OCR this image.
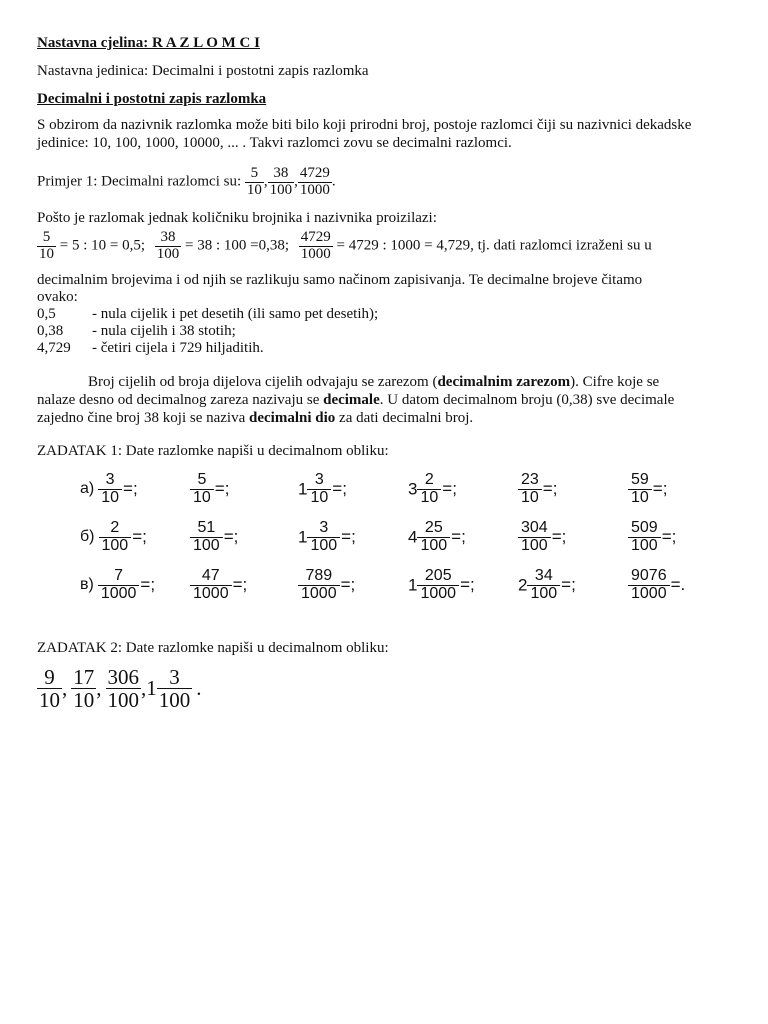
Nastavna cjelina: R A Z L O M C I
Nastavna jedinica: Decimalni i postotni zapis razlomka
Decimalni i postotni zapis razlomka
S obzirom da nazivnik razlomka može biti bilo koji prirodni broj, postoje razlomci čiji su nazivnici dekadske
jedinice: 10, 100, 1000, 10000, ... . Takvi razlomci zovu se decimalni razlomci.
Primjer 1: Decimalni razlomci su: $\frac{5}{10}$ , $\frac{38}{100}$ , $\frac{4729}{1000}$ .
Pošto je razlomak jednak količniku brojnika i nazivnika proizilazi:
$\frac{5}{10} = 5$ : 10 = 0,5; $\frac{38}{100} = 38$ : 100 =0,38; $\frac{4729}{1000} = 4729$ : 1000 = 4,729, tj. dati razlomci izraženi su u
decimalnim brojevima i od njih se razlikuju samo načinom zapisivanja. Te decimalne brojeve čitamo
ovako:
0,5 - nula cijelik i pet desetih (ili samo pet desetih);
0,38 - nula cijelih i 38 stotih;
4,729 - četiri cijela i 729 hiljaditih.
Broj cijelih od broja dijelova cijelih odvajaju se zarezom (decimalnim zarezom). Cifre koje se
nalaze desno od decimalnog zareza nazivaju se decimale. U datom decimalnom broju (0,38) sve decimale
zajedno čine broj 38 koji se naziva decimalni dio za dati decimalni broj.
ZADATAK 1: Date razlomke napiši u decimalnom obliku:
$а) \frac{3}{10}$ =;	$\frac{5}{10}$ =;	$1 \frac{3}{10}$ =;	$3 \frac{2}{10}$ =;	$\frac{23}{10}$ =;	$\frac{59}{10}$ =;
$б) \frac{2}{100}$ =;	$\frac{51}{100}$ =;	$1 \frac{3}{100}$ =;	$4 \frac{25}{100}$ =;	$\frac{304}{100}$ =;	$\frac{509}{100}$ =;
$в) \frac{7}{1000}$ =; $\frac{47}{1000}$ =;	$\frac{789}{1000}$ =;	$1 \frac{205}{1000}$ =;	$2 \frac{34}{100}$ =;	$\frac{9076}{1000}$ =.
ZADATAK 2: Date razlomke napiši u decimalnom obliku:
$\frac{9}{10}$ , $\frac{17}{10}$ , $\frac{306}{100} ,1 \frac{3}{100}$ .
